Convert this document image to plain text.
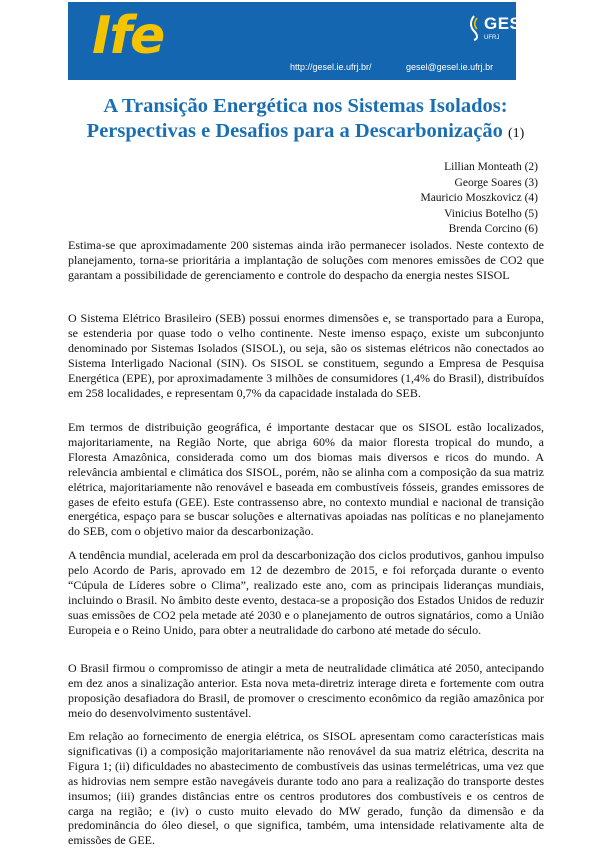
Ife	GESEL
UFRJ
http://gesel.ie.ufrj.br/	gesel@gesel.ie.ufrj.br
A Transição Energética nos Sistemas Isolados:
Perspectivas e Desafios para a Descarbonização (1)
Lillian Monteath (2)
George Soares (3)
Mauricio Moszkovicz (4)
Vinicius Botelho (5)
Brenda Corcino (6)

Estima-se que aproximadamente 200 sistemas ainda irão permanecer isolados. Neste contexto de planejamento, torna-se prioritária a implantação de soluções com menores emissões de CO2 que garantam a possibilidade de gerenciamento e controle do despacho da energia nestes SISOL

O Sistema Elétrico Brasileiro (SEB) possui enormes dimensões e, se transportado para a Europa, se estenderia por quase todo o velho continente. Neste imenso espaço, existe um subconjunto denominado por Sistemas Isolados (SISOL), ou seja, são os sistemas elétricos não conectados ao Sistema Interligado Nacional (SIN). Os SISOL se constituem, segundo a Empresa de Pesquisa Energética (EPE), por aproximadamente 3 milhões de consumidores (1,4% do Brasil), distribuídos em 258 localidades, e representam 0,7% da capacidade instalada do SEB.

Em termos de distribuição geográfica, é importante destacar que os SISOL estão localizados, majoritariamente, na Região Norte, que abriga 60% da maior floresta tropical do mundo, a Floresta Amazônica, considerada como um dos biomas mais diversos e ricos do mundo. A relevância ambiental e climática dos SISOL, porém, não se alinha com a composição da sua matriz elétrica, majoritariamente não renovável e baseada em combustíveis fósseis, grandes emissores de gases de efeito estufa (GEE). Este contrassenso abre, no contexto mundial e nacional de transição energética, espaço para se buscar soluções e alternativas apoiadas nas políticas e no planejamento do SEB, com o objetivo maior da descarbonização.

A tendência mundial, acelerada em prol da descarbonização dos ciclos produtivos, ganhou impulso pelo Acordo de Paris, aprovado em 12 de dezembro de 2015, e foi reforçada durante o evento “Cúpula de Líderes sobre o Clima”, realizado este ano, com as principais lideranças mundiais, incluindo o Brasil. No âmbito deste evento, destaca-se a proposição dos Estados Unidos de reduzir suas emissões de CO2 pela metade até 2030 e o planejamento de outros signatários, como a União Europeia e o Reino Unido, para obter a neutralidade do carbono até metade do século.

O Brasil firmou o compromisso de atingir a meta de neutralidade climática até 2050, antecipando em dez anos a sinalização anterior. Esta nova meta-diretriz interage direta e fortemente com outra proposição desafiadora do Brasil, de promover o crescimento econômico da região amazônica por meio do desenvolvimento sustentável.

Em relação ao fornecimento de energia elétrica, os SISOL apresentam como características mais significativas (i) a composição majoritariamente não renovável da sua matriz elétrica, descrita na Figura 1; (ii) dificuldades no abastecimento de combustíveis das usinas termelétricas, uma vez que as hidrovias nem sempre estão navegáveis durante todo ano para a realização do transporte destes insumos; (iii) grandes distâncias entre os centros produtores dos combustíveis e os centros de carga na região; e (iv) o custo muito elevado do MW gerado, função da dimensão e da predominância do óleo diesel, o que significa, também, uma intensidade relativamente alta de emissões de GEE.
